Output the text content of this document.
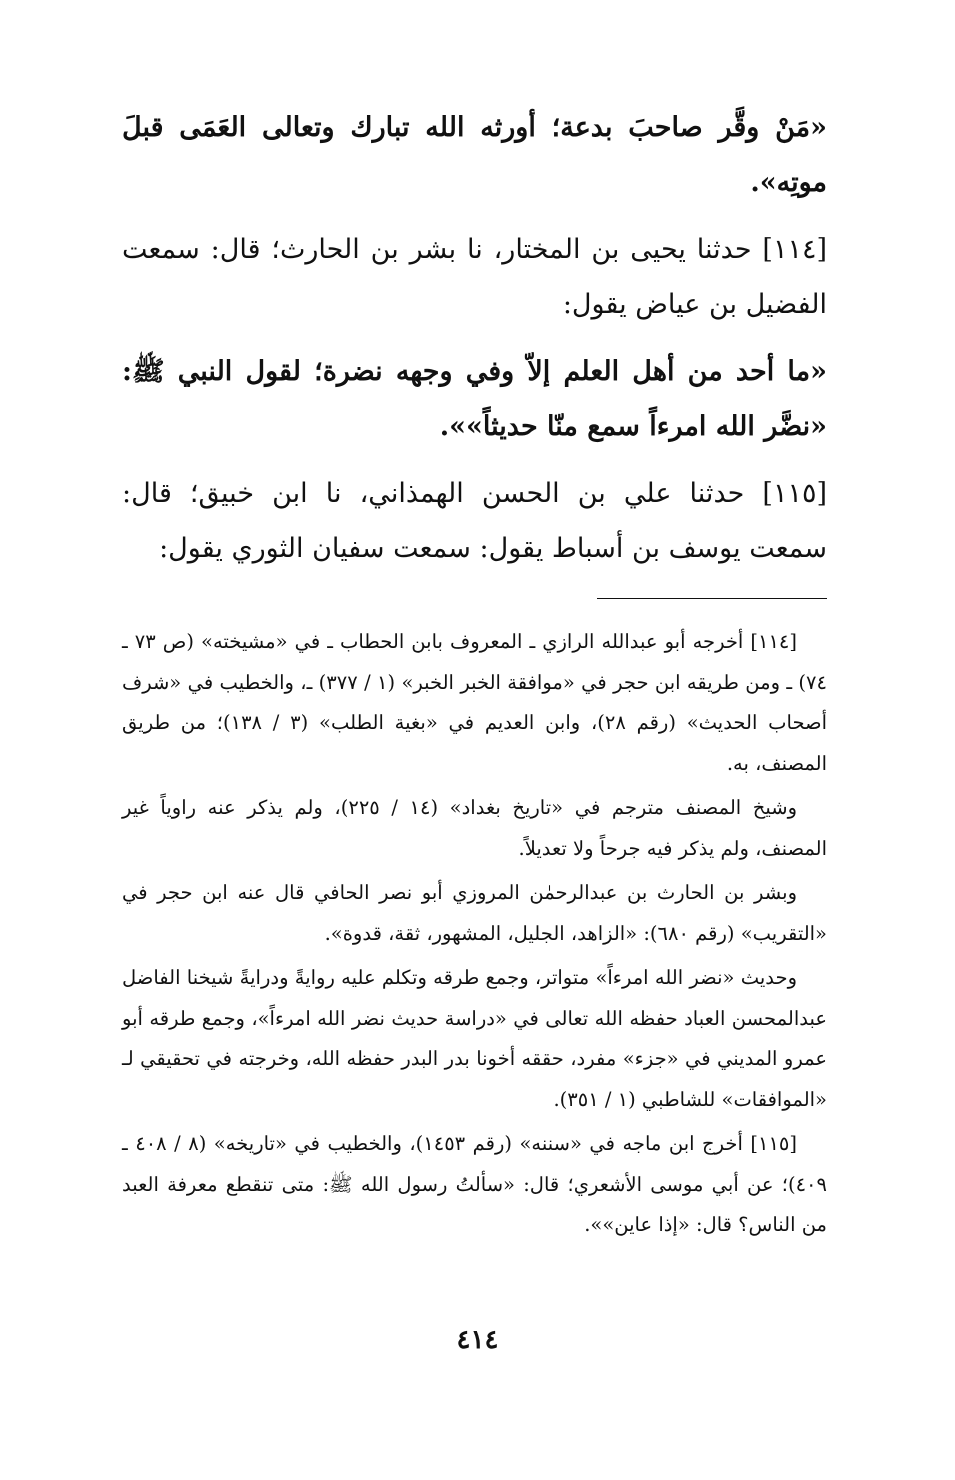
«مَنْ وقَّر صاحبَ بدعة؛ أورثه الله تبارك وتعالى العَمَى قبلَ موتِه».

[١١٤] حدثنا يحيى بن المختار، نا بشر بن الحارث؛ قال: سمعت الفضيل بن عياض يقول:

«ما أحد من أهل العلم إلاّ وفي وجهه نضرة؛ لقول النبي ﷺ: «نضَّر الله امرءاً سمع منّا حديثاً»».

[١١٥] حدثنا علي بن الحسن الهمذاني، نا ابن خبيق؛ قال: سمعت يوسف بن أسباط يقول: سمعت سفيان الثوري يقول:

[١١٤] أخرجه أبو عبدالله الرازي ـ المعروف بابن الحطاب ـ في «مشيخته» (ص ٧٣ ـ ٧٤) ـ ومن طريقه ابن حجر في «موافقة الخبر الخبر» (١ / ٣٧٧) ـ، والخطيب في «شرف أصحاب الحديث» (رقم ٢٨)، وابن العديم في «بغية الطلب» (٣ / ١٣٨)؛ من طريق المصنف، به.

وشيخ المصنف مترجم في «تاريخ بغداد» (١٤ / ٢٢٥)، ولم يذكر عنه راوياً غير المصنف، ولم يذكر فيه جرحاً ولا تعديلاً.

وبشر بن الحارث بن عبدالرحمٰن المروزي أبو نصر الحافي قال عنه ابن حجر في «التقريب» (رقم ٦٨٠): «الزاهد، الجليل، المشهور، ثقة، قدوة».

وحديث «نضر الله امرءاً» متواتر، وجمع طرقه وتكلم عليه روايةً ودرايةً شيخنا الفاضل عبدالمحسن العباد حفظه الله تعالى في «دراسة حديث نضر الله امرءاً»، وجمع طرقه أبو عمرو المديني في «جزء» مفرد، حققه أخونا بدر البدر حفظه الله، وخرجته في تحقيقي لـ «الموافقات» للشاطبي (١ / ٣٥١).

[١١٥] أخرج ابن ماجه في «سننه» (رقم ١٤٥٣)، والخطيب في «تاريخه» (٨ / ٤٠٨ ـ ٤٠٩)؛ عن أبي موسى الأشعري؛ قال: «سألتُ رسول الله ﷺ: متى تنقطع معرفة العبد من الناس؟ قال: «إذا عاين»».

٤١٤
